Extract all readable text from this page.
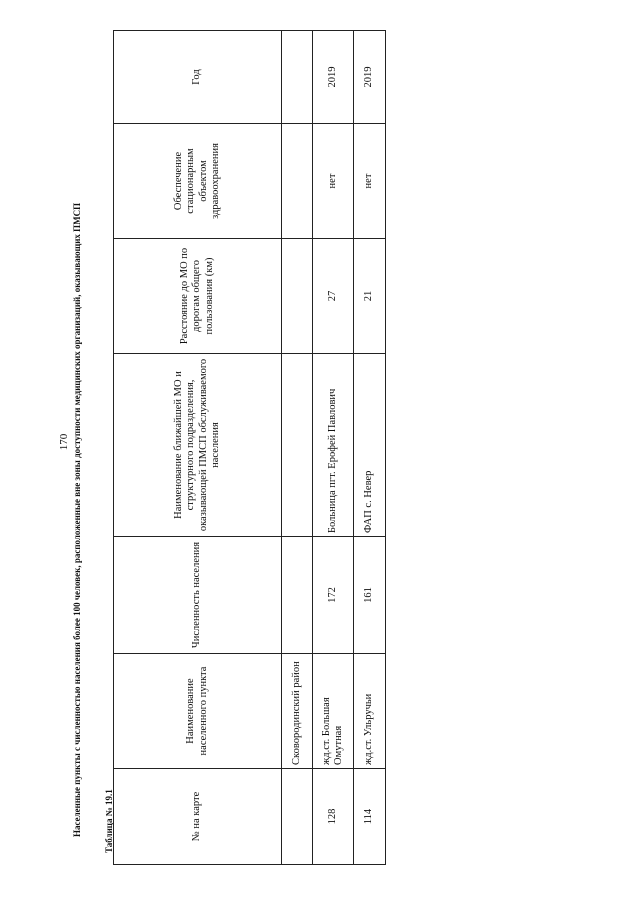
170 Населенные пункты с численностью населения более 100 человек, расположенные вне зоны доступности медицинских организаций, оказывающих ПМСП Таблица № 19.1	№ на карте	Наименование населенного пункта	Численность населения	Наименование ближайшей МО и структурного подразделения, оказывающей ПМСП обслуживаемого населения	Расстояние до МО по дорогам общего пользования (км)	Обеспечение стационарным объектом здравоохранения	Год
	Сковородинский район					
128	жд.ст. Большая Омутная	172	Больница пгт. Ерофей Павлович	27	нет	2019
114	жд.ст. Ульручьи	161	ФАП с. Невер	21	нет	2019
